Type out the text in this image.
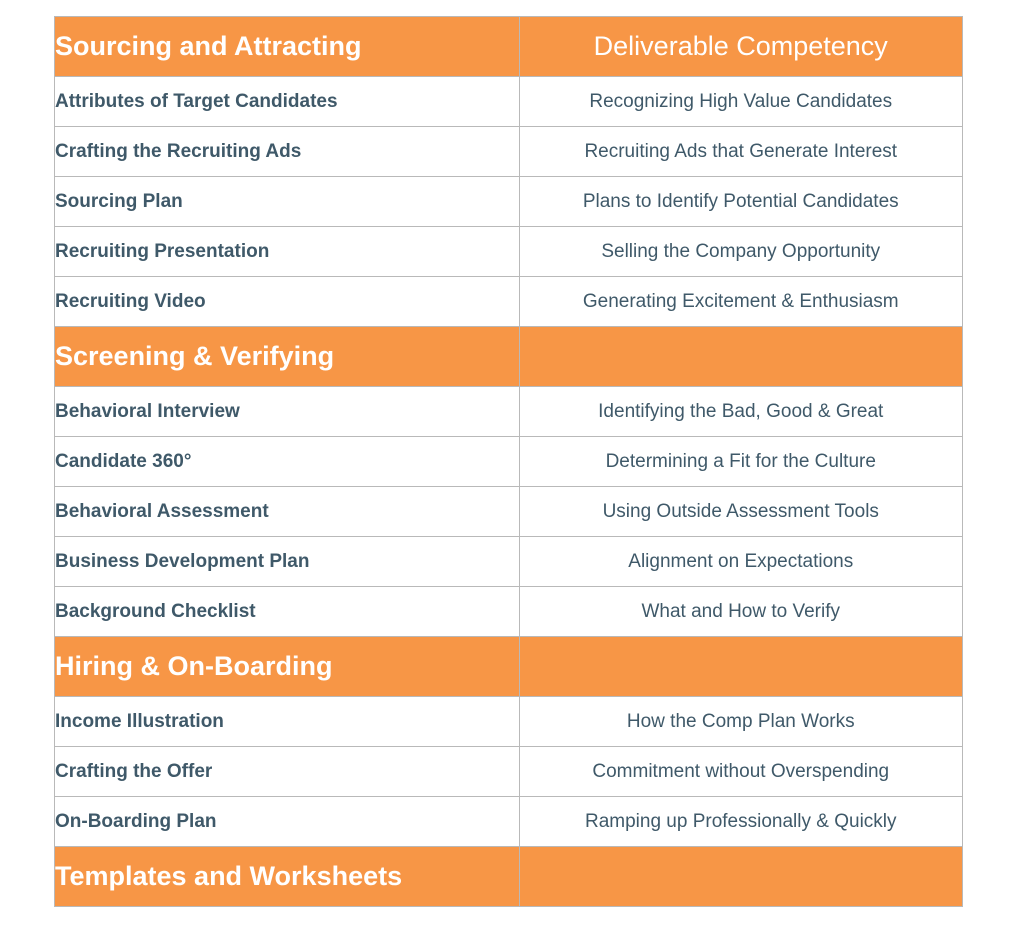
Sourcing and Attracting	Deliverable Competency
Attributes of Target Candidates	Recognizing High Value Candidates
Crafting the Recruiting Ads	Recruiting Ads that Generate Interest
Sourcing Plan	Plans to Identify Potential Candidates
Recruiting Presentation	Selling the Company Opportunity
Recruiting Video	Generating Excitement & Enthusiasm
Screening & Verifying	
Behavioral Interview	Identifying the Bad, Good & Great
Candidate 360°	Determining a Fit for the Culture
Behavioral Assessment	Using Outside Assessment Tools
Business Development Plan	Alignment on Expectations
Background Checklist	What and How to Verify
Hiring & On-Boarding	
Income Illustration	How the Comp Plan Works
Crafting the Offer	Commitment without Overspending
On-Boarding Plan	Ramping up Professionally & Quickly
Templates and Worksheets	
